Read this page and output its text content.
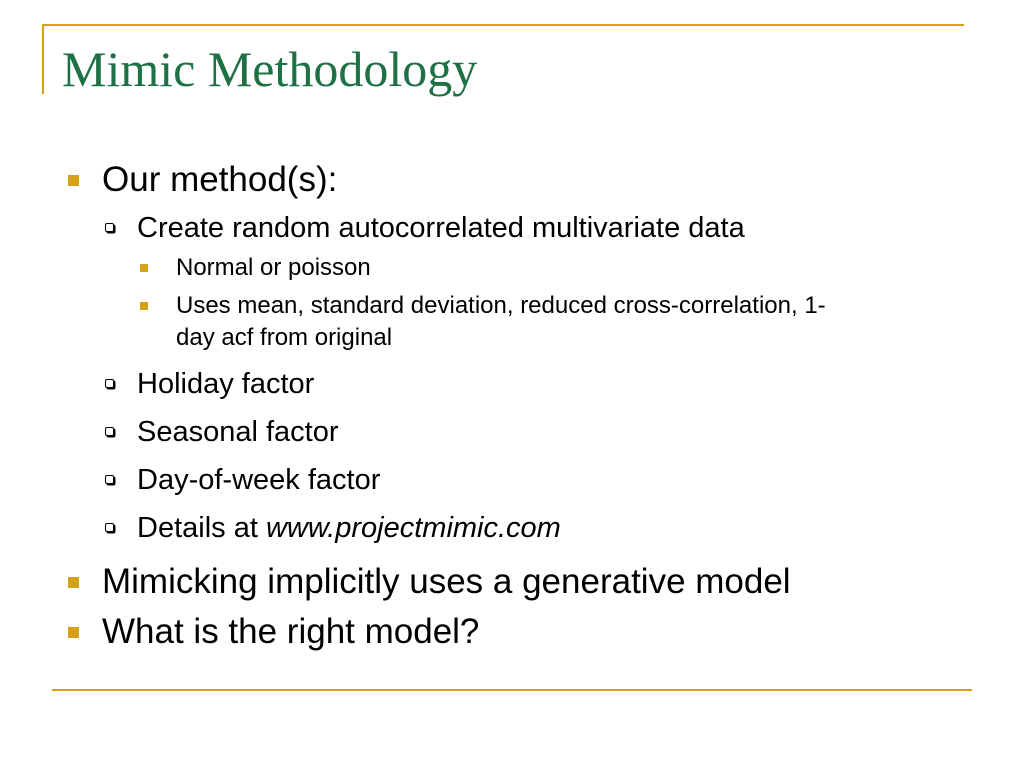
Mimic Methodology
Our method(s):
Create random autocorrelated multivariate data
Normal or poisson
Uses mean, standard deviation, reduced cross-correlation, 1-day acf from original
Holiday factor
Seasonal factor
Day-of-week factor
Details at www.projectmimic.com
Mimicking implicitly uses a generative model
What is the right model?
